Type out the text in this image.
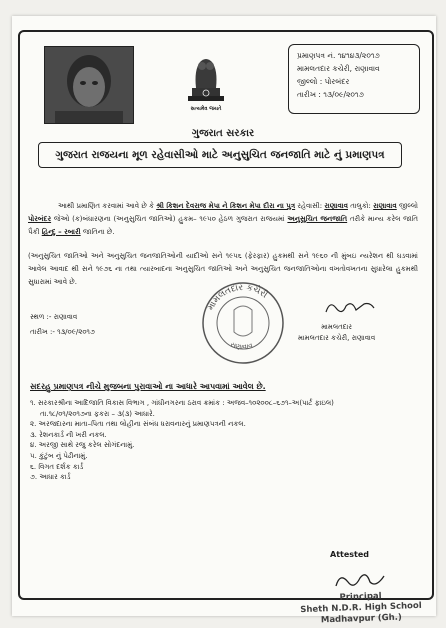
સત્યમેવ જયતે
પ્રમાણપત્ર નં. ૧૪૧૪૩/૨૦૧૭
મામલતદાર કચેરી, રાણાવાવ
જીલ્લો : પોરબંદર
તારીખ : ૧૩/૦૯/૨૦૧૭
ગુજરાત સરકાર
ગુજરાત રાજયના મૂળ રહેવાસીઓ માટે અનુસુચિત જનજાતિ માટે નું પ્રમાણપત્ર
આથી પ્રમાણિત કરવામાં આવે છે કે શ્રી કિશન દેવરાજ મેપા ને કિશન મેપા દીરા ના પુત્ર રહેવાસી: રાણાવાવ તાલુકો: રાણાવાવ જીલ્લો પોરબંદર જેઓ (ક)બંધારણના (અનુસુચિત જાતિઓ) હુકમ– ૧૯૫૦ હેઠળ ગુજરાત રાજયમાં અનુસુચિત જનજાતિ તરીકે માન્ય કરેલ જાતિ પૈકી હિન્દુ – રબારી જાતિના છે.
(અનુસુચિત જાતિઓ અને અનુસુચિત જનજાતિઓની યાદીઓ સને ૧૯૫૬ (ફેરફાર) હુકમથી સને ૧૯૬૦ ની મુંબઇ ન્યરેશન થી ઘડવામાં આવેલ આવાદ થી સને ૧૯૭૬ ના તથા ત્યારબાદના અનુસુચિત જાતિઓ અને અનુસુચિત જનજાતિઓના વખતોવખતના સુધારેલા હુકમથી સુધારામાં આવે છે.
સ્થળ :- રાણાવાવ
તારીખ :- ૧૩/૦૯/૨૦૧૭
મામલતદાર કચેરી
રાણાવાવ
મામલતદાર
મામલતદાર કચેરી, રાણાવાવ
સદરહુ પ્રમાણપત્ર નીચે મુજબના પુરાવાઓ ના આધારે આપવામાં આવેલ છે.
૧. સરકારશ્રીના આદિજાતિ વિકાસ વિભાગ , ગાંધીનગરના ઠરાવ ક્રમાંક : અજવ–૧૦૨૦૦૮–૬૭૧–અ(પાર્ટ ફાઇલ)
તા.૧૮/૦૧/૨૦૧૭ના ફકરા – ૩(૩) આધારે.
૨. અરજદારના માતા–પિતા તથા લોહીના સંબંધ ધરાવનારનું પ્રમાણપત્રની નકલ.
૩. રેશનકાર્ડ ની ખરી નકલ.
૪. અરજી સાથે રજુ કરેલ સોગંદનામું.
૫. કુંટુંબ નું પેઢીનામું.
૬. વિગત દર્શક કાર્ડ
૭. આધાર કાર્ડ
Attested
Principal
Sheth N.D.R. High School
Madhavpur (Gh.)
